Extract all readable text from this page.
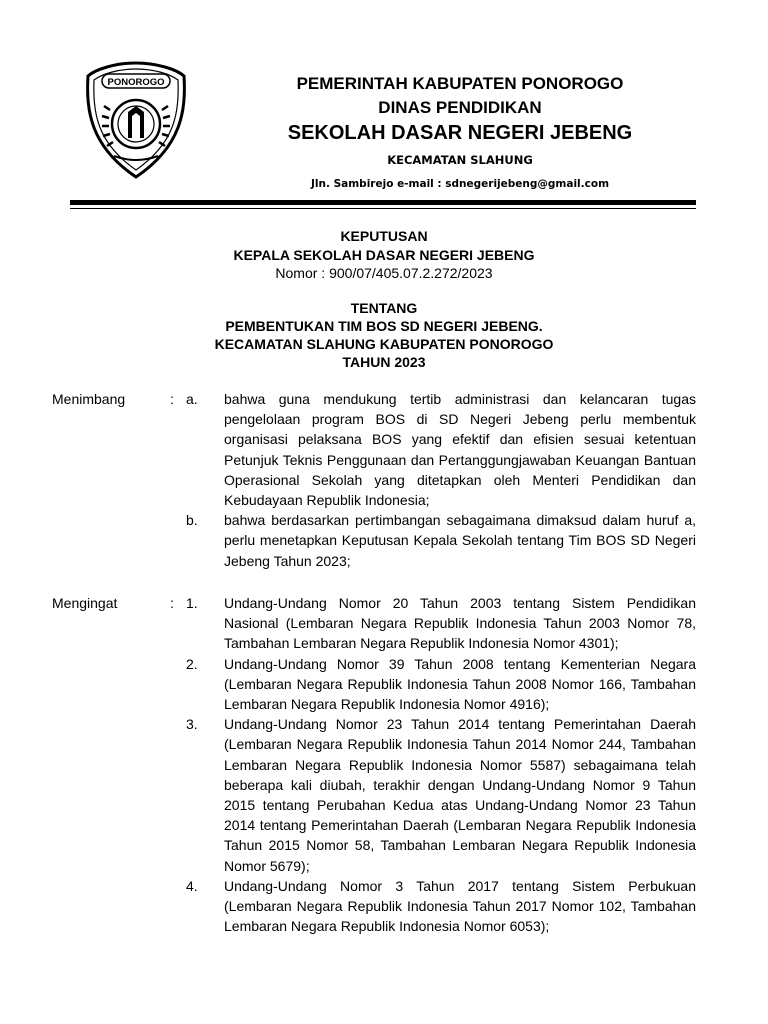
PONOROGO	PEMERINTAH KABUPATEN PONOROGO
DINAS PENDIDIKAN
SEKOLAH DASAR NEGERI JEBENG
KECAMATAN SLAHUNG
Jln. Sambirejo e-mail : sdnegerijebeng@gmail.com
KEPUTUSAN
KEPALA SEKOLAH DASAR NEGERI JEBENG
Nomor : 900/07/405.07.2.272/2023
TENTANG
PEMBENTUKAN TIM BOS SD NEGERI JEBENG.
KECAMATAN SLAHUNG KABUPATEN PONOROGO
TAHUN 2023
Menimbang	: a.	bahwa guna mendukung tertib administrasi dan kelancaran tugas pengelolaan program BOS di SD Negeri Jebeng perlu membentuk organisasi pelaksana BOS yang efektif dan efisien sesuai ketentuan Petunjuk Teknis Penggunaan dan Pertanggungjawaban Keuangan Bantuan Operasional Sekolah yang ditetapkan oleh Menteri Pendidikan dan Kebudayaan Republik Indonesia;
b.	bahwa berdasarkan pertimbangan sebagaimana dimaksud dalam huruf a, perlu menetapkan Keputusan Kepala Sekolah tentang Tim BOS SD Negeri Jebeng Tahun 2023;
Mengingat	: 1.	Undang-Undang Nomor 20 Tahun 2003 tentang Sistem Pendidikan Nasional (Lembaran Negara Republik Indonesia Tahun 2003 Nomor 78, Tambahan Lembaran Negara Republik Indonesia Nomor 4301);
2.	Undang-Undang Nomor 39 Tahun 2008 tentang Kementerian Negara (Lembaran Negara Republik Indonesia Tahun 2008 Nomor 166, Tambahan Lembaran Negara Republik Indonesia Nomor 4916);
3.	Undang-Undang Nomor 23 Tahun 2014 tentang Pemerintahan Daerah (Lembaran Negara Republik Indonesia Tahun 2014 Nomor 244, Tambahan Lembaran Negara Republik Indonesia Nomor 5587) sebagaimana telah beberapa kali diubah, terakhir dengan Undang-Undang Nomor 9 Tahun 2015 tentang Perubahan Kedua atas Undang-Undang Nomor 23 Tahun 2014 tentang Pemerintahan Daerah (Lembaran Negara Republik Indonesia Tahun 2015 Nomor 58, Tambahan Lembaran Negara Republik Indonesia Nomor 5679);
4.	Undang-Undang Nomor 3 Tahun 2017 tentang Sistem Perbukuan (Lembaran Negara Republik Indonesia Tahun 2017 Nomor 102, Tambahan Lembaran Negara Republik Indonesia Nomor 6053);
